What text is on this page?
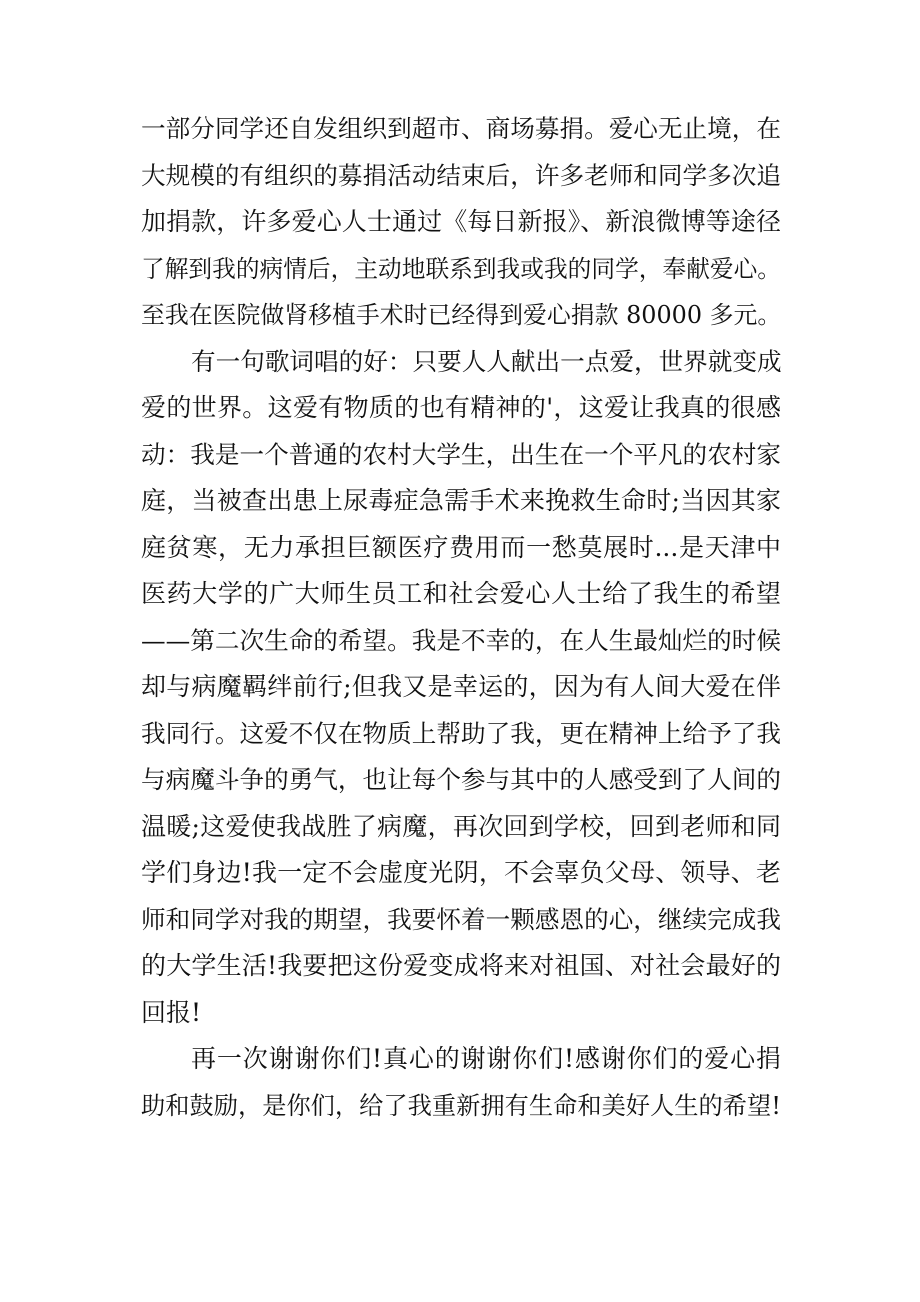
一部分同学还自发组织到超市、商场募捐。爱心无止境，在
大规模的有组织的募捐活动结束后，许多老师和同学多次追
加捐款，许多爱心人士通过《每日新报》、新浪微博等途径
了解到我的病情后，主动地联系到我或我的同学，奉献爱心。
至我在医院做肾移植手术时已经得到爱心捐款 80000 多元。
有一句歌词唱的好：只要人人献出一点爱，世界就变成
爱的世界。这爱有物质的也有精神的'，这爱让我真的很感
动：我是一个普通的农村大学生，出生在一个平凡的农村家
庭，当被查出患上尿毒症急需手术来挽救生命时;当因其家
庭贫寒，无力承担巨额医疗费用而一愁莫展时...是天津中
医药大学的广大师生员工和社会爱心人士给了我生的希望
——第二次生命的希望。我是不幸的，在人生最灿烂的时候
却与病魔羁绊前行;但我又是幸运的，因为有人间大爱在伴
我同行。这爱不仅在物质上帮助了我，更在精神上给予了我
与病魔斗争的勇气，也让每个参与其中的人感受到了人间的
温暖;这爱使我战胜了病魔，再次回到学校，回到老师和同
学们身边!我一定不会虚度光阴，不会辜负父母、领导、老
师和同学对我的期望，我要怀着一颗感恩的心，继续完成我
的大学生活!我要把这份爱变成将来对祖国、对社会最好的
回报!
再一次谢谢你们!真心的谢谢你们!感谢你们的爱心捐
助和鼓励，是你们，给了我重新拥有生命和美好人生的希望!
